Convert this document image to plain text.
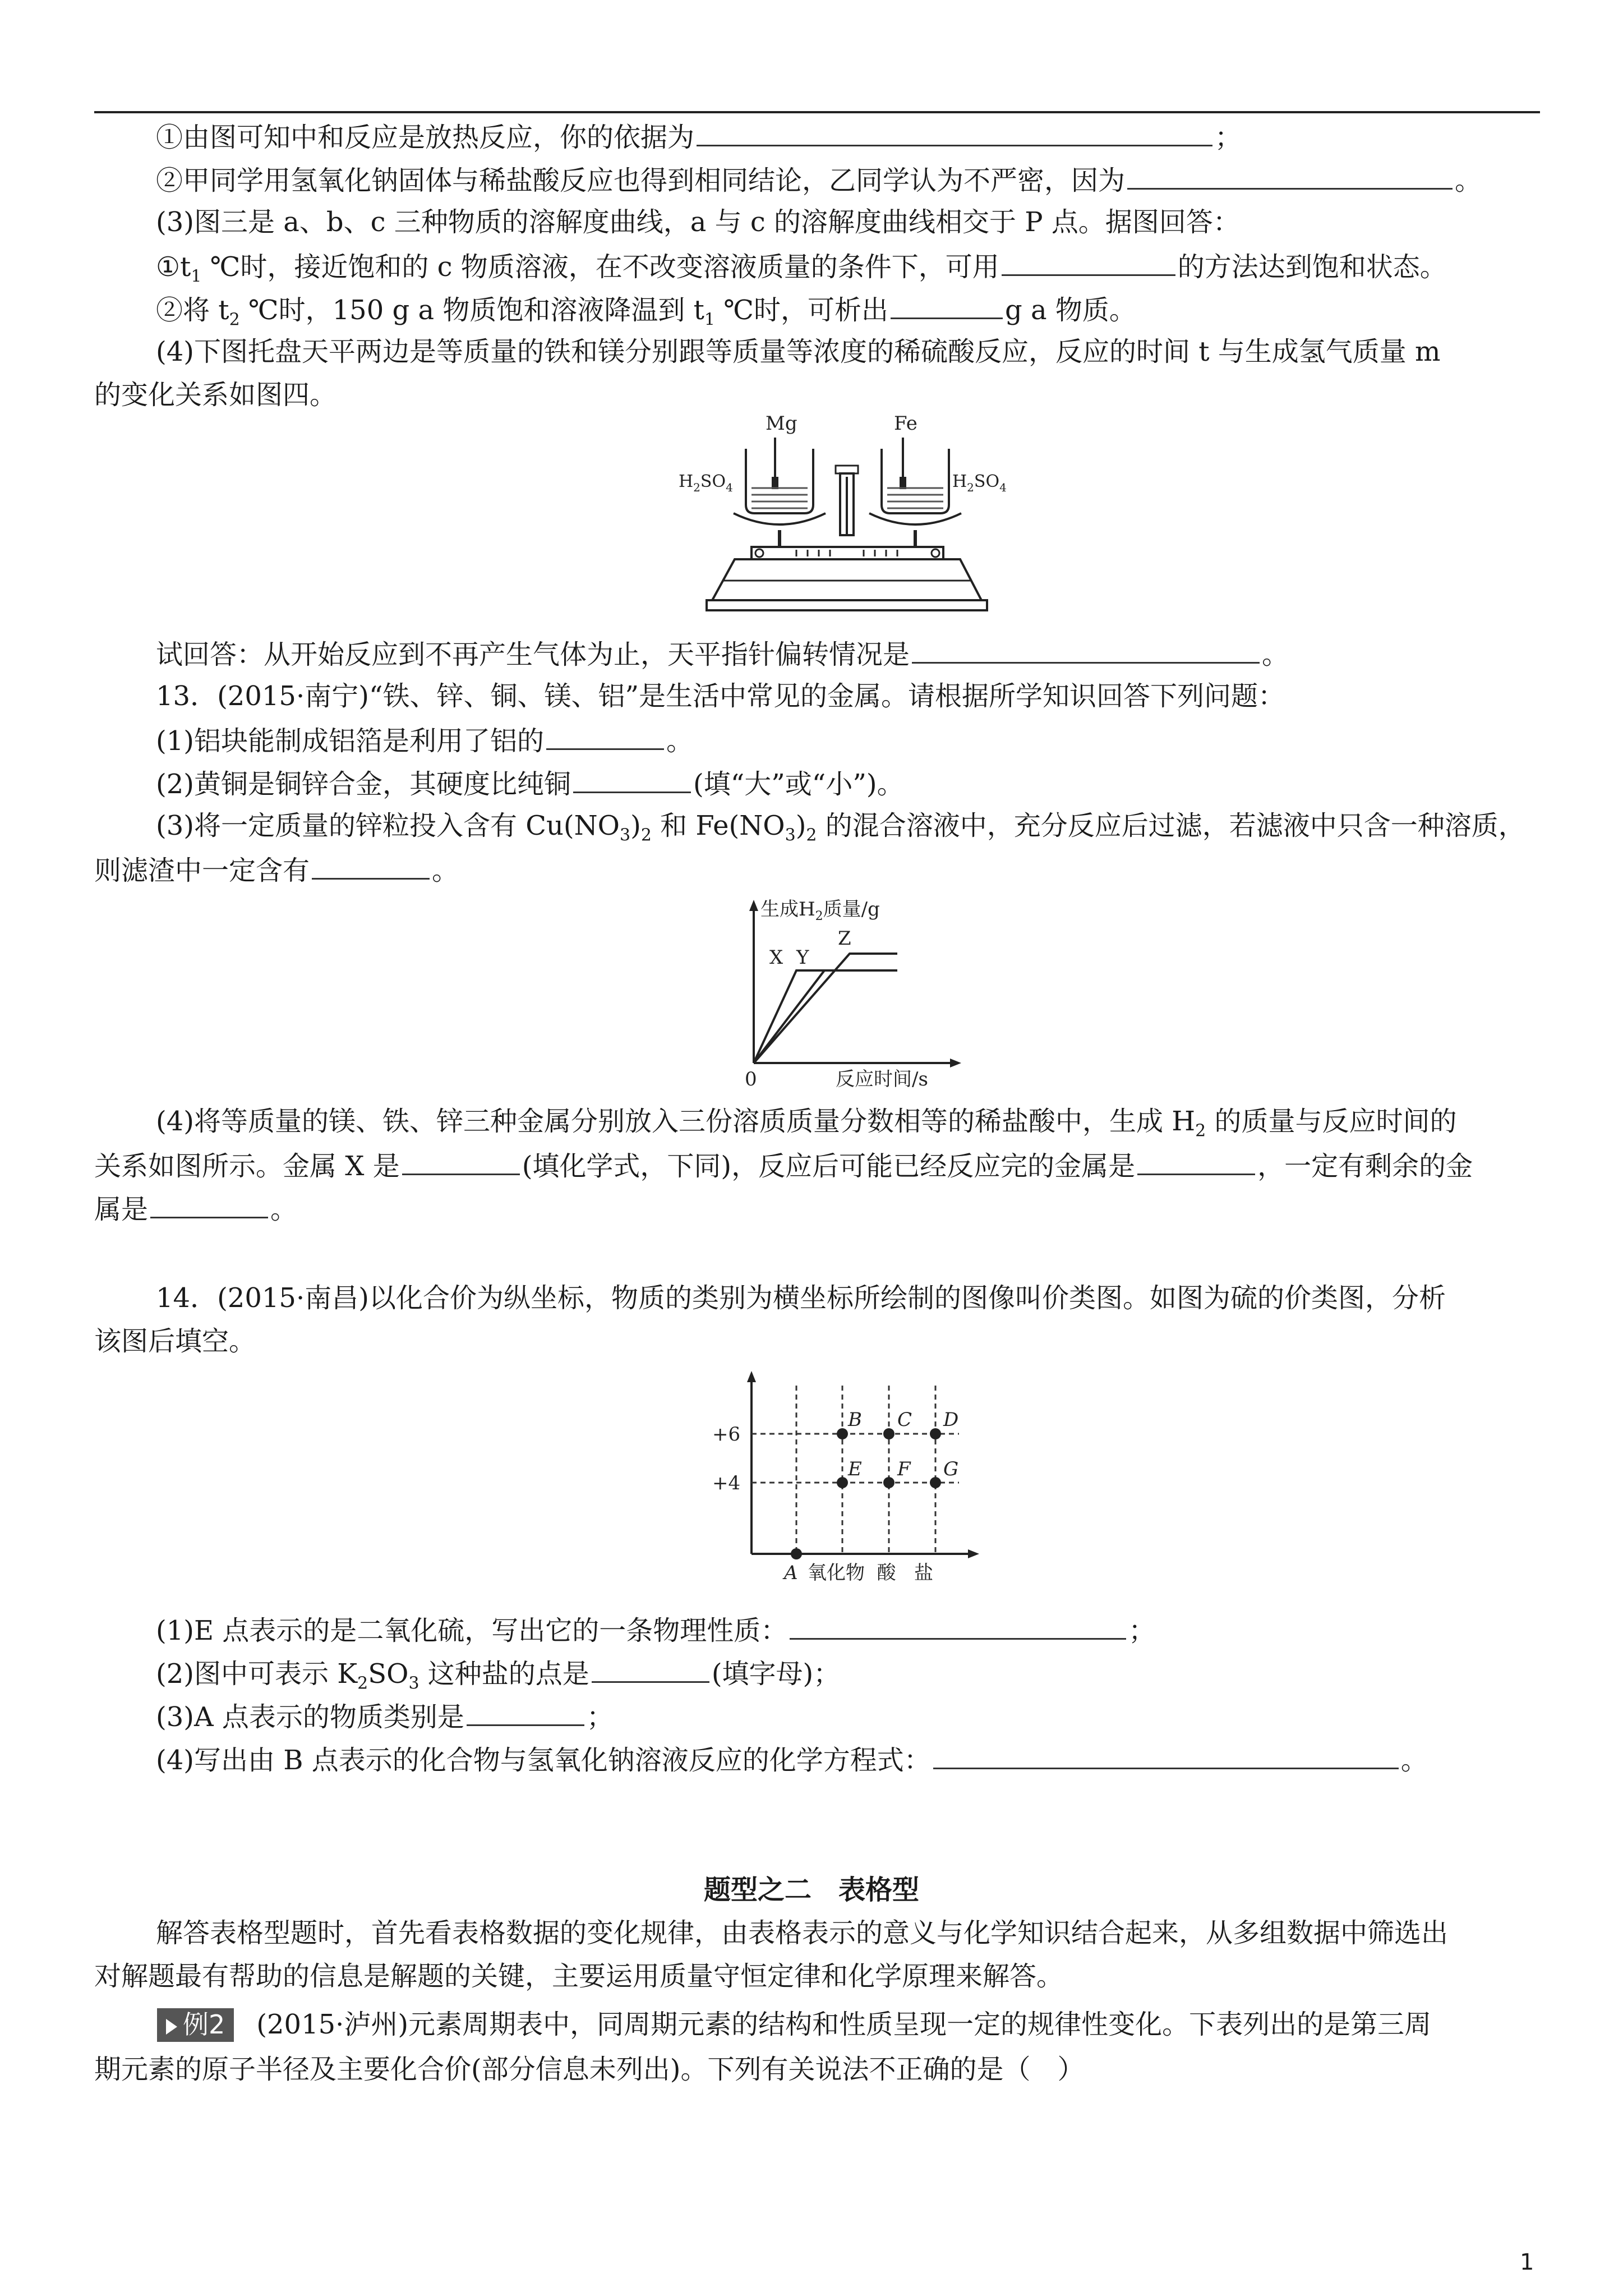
①由图可知中和反应是放热反应，你的依据为	；
②甲同学用氢氧化钠固体与稀盐酸反应也得到相同结论，乙同学认为不严密，因为	。
(3)图三是 a、b、c 三种物质的溶解度曲线，a 与 c 的溶解度曲线相交于 P 点。据图回答：
$①t_1$ ℃时，接近饱和的 c 物质溶液，在不改变溶液质量的条件下，可用	的方法达到饱和状态。
②将 $t_2$ ℃时，150 g a 物质饱和溶液降温到 $t_1$ ℃时，可析出	g a 物质。
(4)下图托盘天平两边是等质量的铁和镁分别跟等质量等浓度的稀硫酸反应，反应的时间 t 与生成氢气质量 m
的变化关系如图四。
Mg	Fe
$H_2SO_4$	$H_2SO_4$
试回答：从开始反应到不再产生气体为止，天平指针偏转情况是	。
13．(2015·南宁)“铁、锌、铜、镁、铝”是生活中常见的金属。请根据所学知识回答下列问题：
(1)铝块能制成铝箔是利用了铝的	。
(2)黄铜是铜锌合金，其硬度比纯铜	(填“大”或“小”)。
(3)将一定质量的锌粒投入含有 $Cu(NO_3)_2$ 和 $Fe(NO_3)_2$ 的混合溶液中，充分反应后过滤，若滤液中只含一种溶质，
则滤渣中一定含有	。
生成$H_2$质量/g
0	反应时间/s
X Y
Z
(4)将等质量的镁、铁、锌三种金属分别放入三份溶质质量分数相等的稀盐酸中，生成 $H_2$ 的质量与反应时间的
关系如图所示。金属 X 是	(填化学式，下同)，反应后可能已经反应完的金属是	，一定有剩余的金
属是	。
14．(2015·南昌)以化合价为纵坐标，物质的类别为横坐标所绘制的图像叫价类图。如图为硫的价类图，分析
该图后填空。
+6
+4
B C D
E F G
A 氧化物  酸   盐
(1)E 点表示的是二氧化硫，写出它的一条物理性质：	；
(2)图中可表示 $K_2SO_3$ 这种盐的点是	(填字母)；
(3)A 点表示的物质类别是	；
(4)写出由 B 点表示的化合物与氢氧化钠溶液反应的化学方程式：	。
题型之二　表格型
解答表格型题时，首先看表格数据的变化规律，由表格表示的意义与化学知识结合起来，从多组数据中筛选出
对解题最有帮助的信息是解题的关键，主要运用质量守恒定律和化学原理来解答。
例2 (2015·泸州)元素周期表中，同周期元素的结构和性质呈现一定的规律性变化。下表列出的是第三周
期元素的原子半径及主要化合价(部分信息未列出)。下列有关说法不正确的是（　）
1
